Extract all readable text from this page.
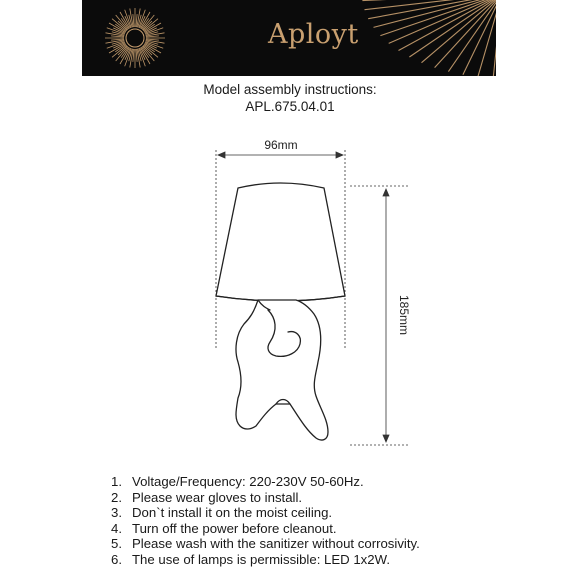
Aployt
Model assembly instructions:
APL.675.04.01
96mm
185mm
1. Voltage/Frequency: 220-230V 50-60Hz.
2. Please wear gloves to install.
3. Don`t install it on the moist ceiling.
4. Turn off the power before cleanout.
5. Please wash with the sanitizer without corrosivity.
6. The use of lamps is permissible: LED 1x2W.
